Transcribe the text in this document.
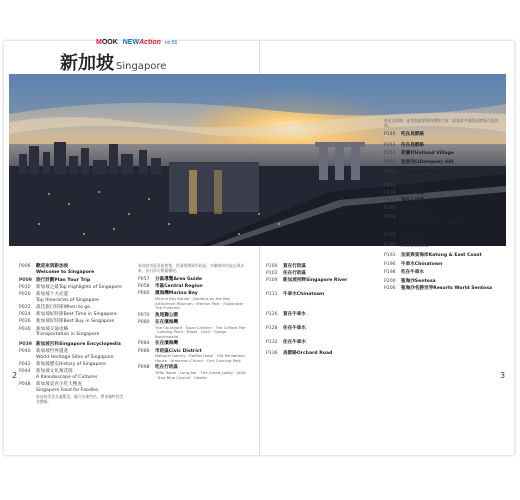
MOOK NEWAction no.56
新加坡 Singapore
P006 歡迎來到新加坡
Welcome to Singapore
P009 旅行計劃Plan Your Trip
P010 新加坡之最Top Highlights of Singapore
P020 新加坡十大必遊
Top Itineraries of Singapore
P022 最佳旅行時節When to go
P024 新加坡好時節Best Time in Singapore
P026 新加坡好時節Best Buy in Singapore
P030 新加坡交通攻略
Transportation in Singapore
P039 新加坡百科Singapore Encyclopedia
P040 新加坡世界遺產
World Heritage Sites of Singapore
P042 新加坡歷史History of Singapore
P044 新加坡文化萬花筒
A Kaleidoscope of Cultures
P048 新加坡美食小吃大搜查
Singapore Food for Foodies
新加坡美食充滿驚喜，融合各地特色，帶來獨特的美食體驗。
新加坡市區景點密集，從濱海灣到市政區，串聯城市的過去與未來，步行即可輕鬆暢遊。
P057 分區導覽Area Guide
P058 市區Central Region
P060 濱海灣Marina Bay
Marina Bay Sands · Gardens by the Bay · ArtScience Museum · Merlion Park · Esplanade · The Fullerton
P070 魚尾獅公園
P080 在在濱海灣
The Courtyard · Swan Lantern · The Clifford Pier · Landing Point · Rasel · LAVO · Spago · Bacchanalia
P084 在在濱海灣
P086 市政區Civic District
National Gallery · Raffles Hotel · Old Parliament House · Armenian Church · Fort Canning Park
P098 吃在行政區
Tiffin Room · Long Bar · The Grand Lobby · JAAN · True Blue Cuisine · Odette
P100 買在行政區
P102 住在行政區
P104 新加坡河畔Singapore River
P111 牛車水Chinatown
P126 買在牛車水
P128 住在牛車水
P132 住在牛車水
P136 烏節路Orchard Road
逛逛烏節路、新加坡最繁華的購物大街，匯集眾多國際品牌與百貨商場。
P146 吃在烏節路
P152 住在烏節路
P153 荷蘭村Holland Village
P156 登普西山Dempsey Hill
P160 小印度Little India
P170 吃在小印度
P176 吃在小印度
P178 買在小印度
P180 住在小印度
P178 甘榜格南與錫安路
Kampong Glam & Bugis
P185 甘榜格南中心
P188 買在甘榜格南
P191 加東與東海岸Katong & East Coast
P196 牛車水Chinatown
P198 吃在牛車水
P200 聖淘沙Sentosa
P206 聖淘沙名勝世界Resorts World Sentosa
2	3
